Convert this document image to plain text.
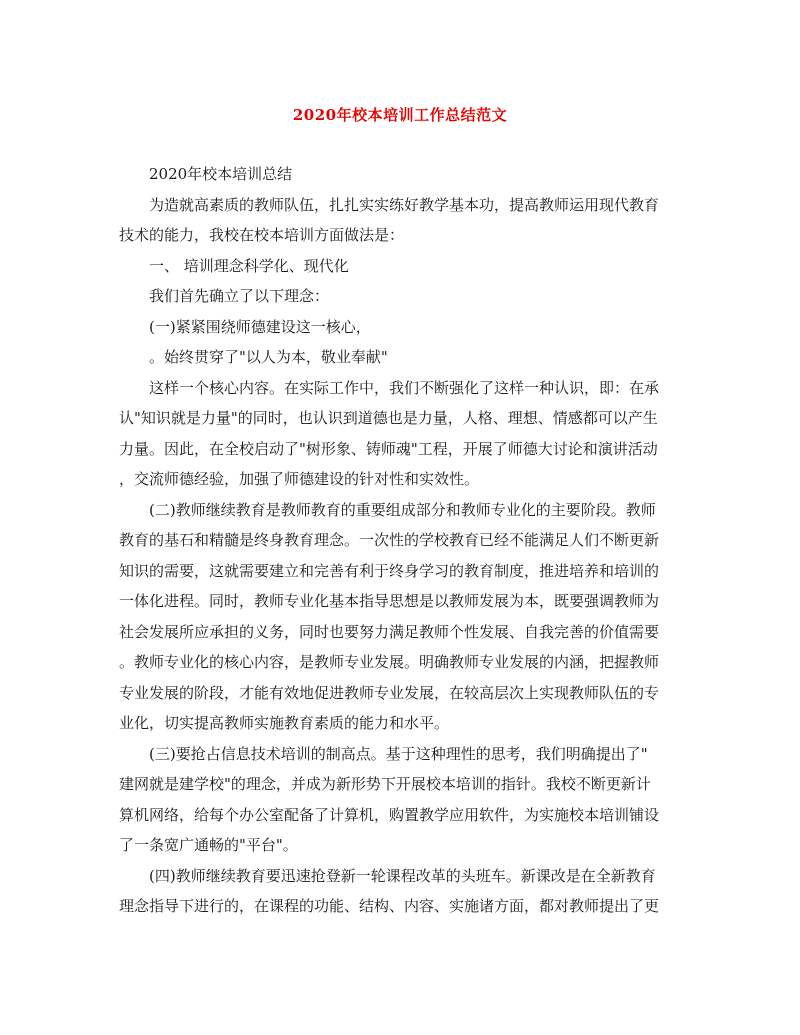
2020年校本培训工作总结范文
2020年校本培训总结
为造就高素质的教师队伍，扎扎实实练好教学基本功，提高教师运用现代教育
技术的能力，我校在校本培训方面做法是：
一、 培训理念科学化、现代化
我们首先确立了以下理念：
(一)紧紧围绕师德建设这一核心，
。始终贯穿了"以人为本，敬业奉献"
这样一个核心内容。在实际工作中，我们不断强化了这样一种认识，即：在承
认"知识就是力量"的同时，也认识到道德也是力量，人格、理想、情感都可以产生
力量。因此，在全校启动了"树形象、铸师魂"工程，开展了师德大讨论和演讲活动
，交流师德经验，加强了师德建设的针对性和实效性。
(二)教师继续教育是教师教育的重要组成部分和教师专业化的主要阶段。教师
教育的基石和精髓是终身教育理念。一次性的学校教育已经不能满足人们不断更新
知识的需要，这就需要建立和完善有利于终身学习的教育制度，推进培养和培训的
一体化进程。同时，教师专业化基本指导思想是以教师发展为本，既要强调教师为
社会发展所应承担的义务，同时也要努力满足教师个性发展、自我完善的价值需要
。教师专业化的核心内容，是教师专业发展。明确教师专业发展的内涵，把握教师
专业发展的阶段，才能有效地促进教师专业发展，在较高层次上实现教师队伍的专
业化，切实提高教师实施教育素质的能力和水平。
(三)要抢占信息技术培训的制高点。基于这种理性的思考，我们明确提出了"
建网就是建学校"的理念，并成为新形势下开展校本培训的指针。我校不断更新计
算机网络，给每个办公室配备了计算机，购置教学应用软件，为实施校本培训铺设
了一条宽广通畅的"平台"。
(四)教师继续教育要迅速抢登新一轮课程改革的头班车。新课改是在全新教育
理念指导下进行的，在课程的功能、结构、内容、实施诸方面，都对教师提出了更
